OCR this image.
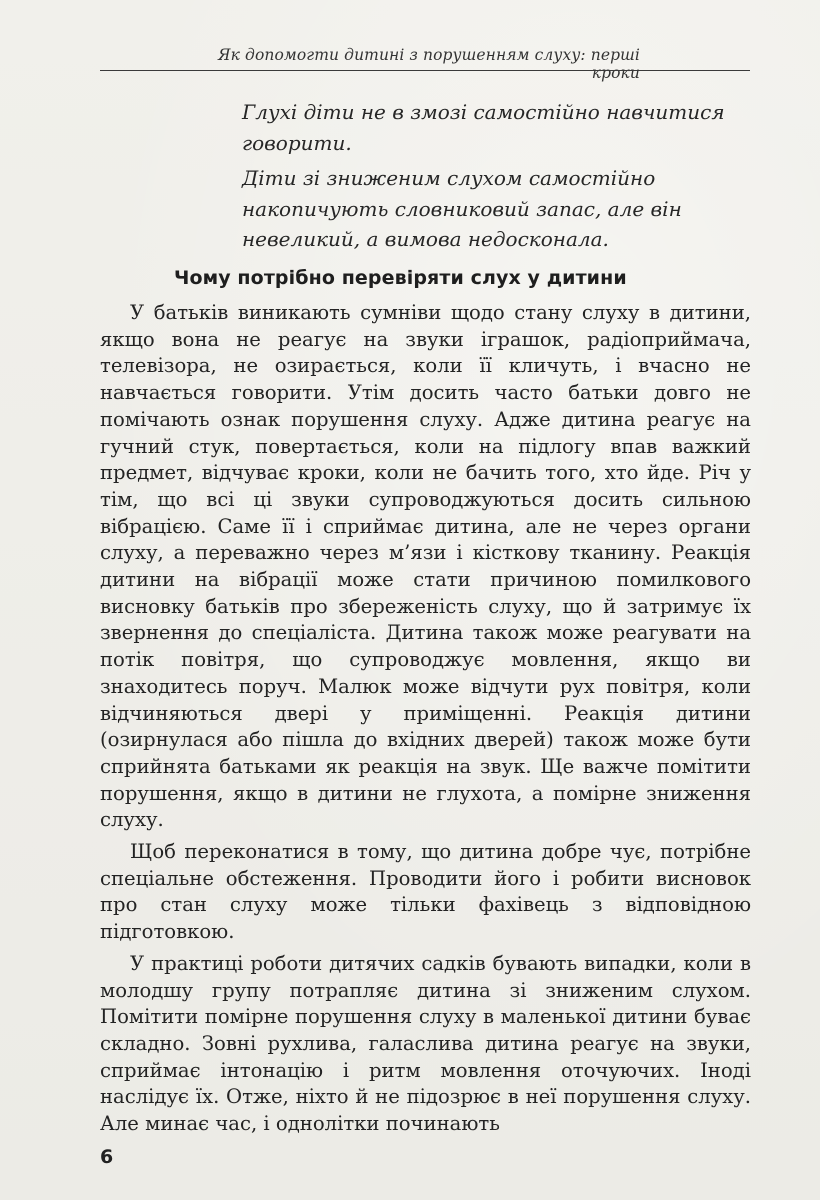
Як допомогти дитині з порушенням слуху: перші кроки

Глухі діти не в змозі самостійно навчитися говорити.

Діти зі зниженим слухом самостійно накопичують словниковий запас, але він невеликий, а вимова недосконала.

Чому потрібно перевіряти слух у дитини

У батьків виникають сумніви щодо стану слуху в дитини, якщо вона не реагує на звуки іграшок, радіоприймача, телевізора, не озирається, коли її кличуть, і вчасно не навчається говорити. Утім досить часто батьки довго не помічають ознак порушення слуху. Адже дитина реагує на гучний стук, повертається, коли на підлогу впав важкий предмет, відчуває кроки, коли не бачить того, хто йде. Річ у тім, що всі ці звуки супроводжуються досить сильною вібрацією. Саме її і сприймає дитина, але не через органи слуху, а переважно через м’язи і кісткову тканину. Реакція дитини на вібрації може стати причиною помилкового висновку батьків про збереженість слуху, що й затримує їх звернення до спеціаліста. Дитина також може реагувати на потік повітря, що супроводжує мовлення, якщо ви знаходитесь поруч. Малюк може відчути рух повітря, коли відчиняються двері у приміщенні. Реакція дитини (озирнулася або пішла до вхідних дверей) також може бути сприйнята батьками як реакція на звук. Ще важче помітити порушення, якщо в дитини не глухота, а помірне зниження слуху.

Щоб переконатися в тому, що дитина добре чує, потрібне спеціальне обстеження. Проводити його і робити висновок про стан слуху може тільки фахівець з відповідною підготовкою.

У практиці роботи дитячих садків бувають випадки, коли в молодшу групу потрапляє дитина зі зниженим слухом. Помітити помірне порушення слуху в маленької дитини буває складно. Зовні рухлива, галаслива дитина реагує на звуки, сприймає інтонацію і ритм мовлення оточуючих. Іноді наслідує їх. Отже, ніхто й не підозрює в неї порушення слуху. Але минає час, і однолітки починають

6
